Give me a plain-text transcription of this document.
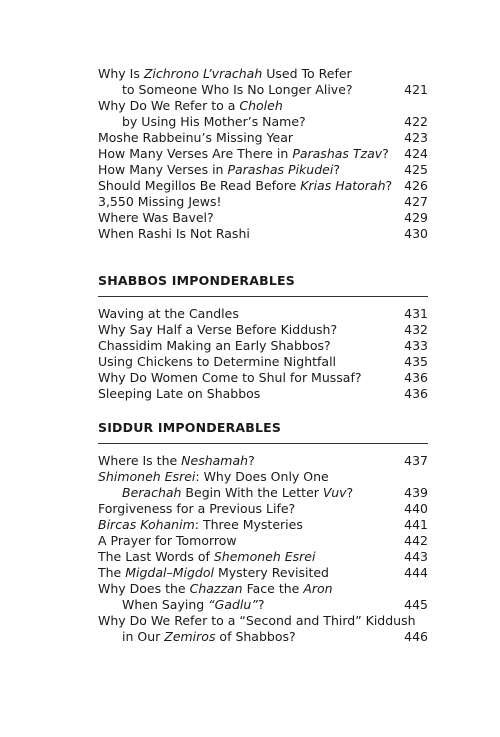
Why Is Zichrono L’vrachah Used To Refer
to Someone Who Is No Longer Alive?	421
Why Do We Refer to a Choleh
by Using His Mother’s Name?	422
Moshe Rabbeinu’s Missing Year	423
How Many Verses Are There in Parashas Tzav?	424
How Many Verses in Parashas Pikudei?	425
Should Megillos Be Read Before Krias Hatorah? 426
3,550 Missing Jews!	427
Where Was Bavel?	429
When Rashi Is Not Rashi	430
SHABBOS IMPONDERABLES
Waving at the Candles	431
Why Say Half a Verse Before Kiddush?	432
Chassidim Making an Early Shabbos?	433
Using Chickens to Determine Nightfall	435
Why Do Women Come to Shul for Mussaf?	436
Sleeping Late on Shabbos	436
SIDDUR IMPONDERABLES
Where Is the Neshamah?	437
Shimoneh Esrei: Why Does Only One
Berachah Begin With the Letter Vuv?	439
Forgiveness for a Previous Life?	440
Bircas Kohanim: Three Mysteries	441
A Prayer for Tomorrow	442
The Last Words of Shemoneh Esrei	443
The Migdal–Migdol Mystery Revisited	444
Why Does the Chazzan Face the Aron
When Saying “Gadlu”?	445
Why Do We Refer to a “Second and Third” Kiddush
in Our Zemiros of Shabbos?	446
